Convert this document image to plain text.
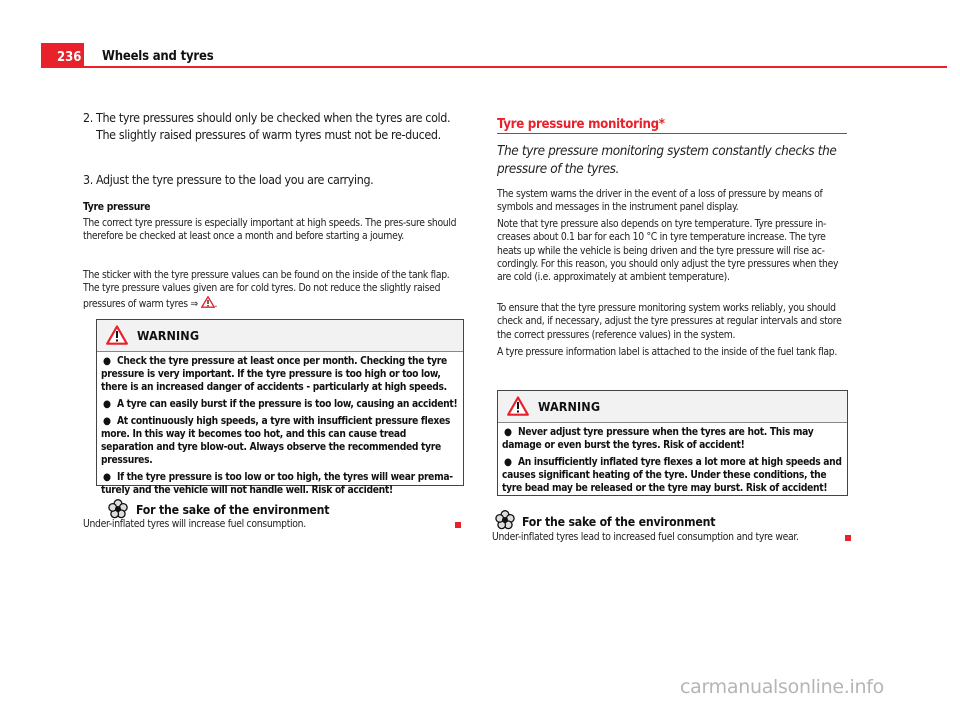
236 Wheels and tyres
2. The tyre pressures should only be checked when the tyres are cold. The slightly raised pressures of warm tyres must not be re-duced.
3. Adjust the tyre pressure to the load you are carrying.
Tyre pressure
The correct tyre pressure is especially important at high speeds. The pres-sure should therefore be checked at least once a month and before starting a journey.
The sticker with the tyre pressure values can be found on the inside of the tank flap. The tyre pressure values given are for cold tyres. Do not reduce the slightly raised pressures of warm tyres ⇒ .
WARNING
● Check the tyre pressure at least once per month. Checking the tyre pressure is very important. If the tyre pressure is too high or too low, there is an increased danger of accidents - particularly at high speeds.
● A tyre can easily burst if the pressure is too low, causing an accident!
● At continuously high speeds, a tyre with insufficient pressure flexes more. In this way it becomes too hot, and this can cause tread separation and tyre blow-out. Always observe the recommended tyre pressures.
● If the tyre pressure is too low or too high, the tyres will wear prema-turely and the vehicle will not handle well. Risk of accident!
For the sake of the environment
Under-inflated tyres will increase fuel consumption.
Tyre pressure monitoring*
The tyre pressure monitoring system constantly checks the pressure of the tyres.
The system warns the driver in the event of a loss of pressure by means of symbols and messages in the instrument panel display.
Note that tyre pressure also depends on tyre temperature. Tyre pressure in-creases about 0.1 bar for each 10 °C in tyre temperature increase. The tyre heats up while the vehicle is being driven and the tyre pressure will rise ac-cordingly. For this reason, you should only adjust the tyre pressures when they are cold (i.e. approximately at ambient temperature).
To ensure that the tyre pressure monitoring system works reliably, you should check and, if necessary, adjust the tyre pressures at regular intervals and store the correct pressures (reference values) in the system.
A tyre pressure information label is attached to the inside of the fuel tank flap.
WARNING
● Never adjust tyre pressure when the tyres are hot. This may damage or even burst the tyres. Risk of accident!
● An insufficiently inflated tyre flexes a lot more at high speeds and causes significant heating of the tyre. Under these conditions, the tyre bead may be released or the tyre may burst. Risk of accident!
For the sake of the environment
Under-inflated tyres lead to increased fuel consumption and tyre wear.
carmanualsonline.info
